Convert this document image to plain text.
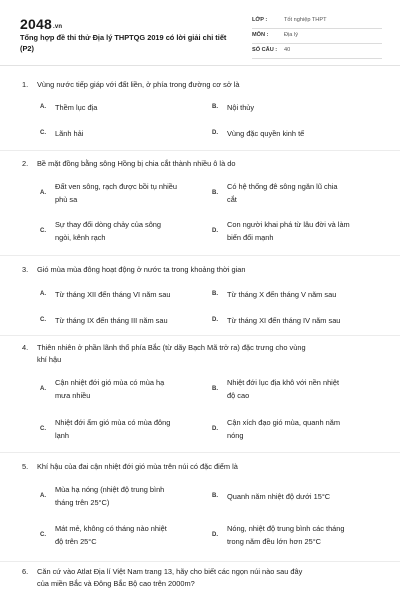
2048.vn
Tổng hợp đề thi thử Địa lý THPTQG 2019 có lời giải chi tiết
(P2)
LỚP :	Tốt nghiệp THPT
MÔN :	Địa lý
SỐ CÂU : 40
1. Vùng nước tiếp giáp với đất liền, ở phía trong đường cơ sở là
A. Thềm lục địa	B. Nội thủy
C. Lãnh hải	D. Vùng đặc quyền kinh tế
2. Bề mặt đồng bằng sông Hồng bị chia cắt thành nhiều ô là do
A.
Đất ven sông, rạch được bồi tụ nhiều
phù sa
B.
Có hệ thống đê sông ngăn lũ chia
cắt
C.
Sự thay đổi dòng chảy của sông
ngòi, kênh rạch
D.
Con người khai phá từ lâu đời và làm
biến đổi mạnh
3. Gió mùa mùa đông hoạt động ở nước ta trong khoảng thời gian
A. Từ tháng XII đến tháng VI năm sau	B. Từ tháng X đến tháng V năm sau
C. Từ tháng IX đến tháng III năm sau	D. Từ tháng XI đến tháng IV năm sau
4. Thiên nhiên ở phần lãnh thổ phía Bắc (từ dãy Bạch Mã trở ra) đặc trưng cho vùng
khí hậu
A.
Cận nhiệt đới gió mùa có mùa hạ
mưa nhiều
B.
Nhiệt đới lục địa khô với nền nhiệt
độ cao
C.
Nhiệt đới ẩm gió mùa có mùa đông
lạnh
D.
Cận xích đạo gió mùa, quanh năm
nóng
5. Khí hậu của đai cận nhiệt đới gió mùa trên núi có đặc điểm là
A.
Mùa hạ nóng (nhiệt độ trung bình
tháng trên 25°C)
B. Quanh năm nhiệt độ dưới 15°C
C.
Mát mẻ, không có tháng nào nhiệt
độ trên 25°C
D.
Nóng, nhiệt độ trung bình các tháng
trong năm đều lớn hơn 25°C
6. Căn cứ vào Atlat Địa lí Việt Nam trang 13, hãy cho biết các ngọn núi nào sau đây
của miền Bắc và Đông Bắc Bộ cao trên 2000m?
